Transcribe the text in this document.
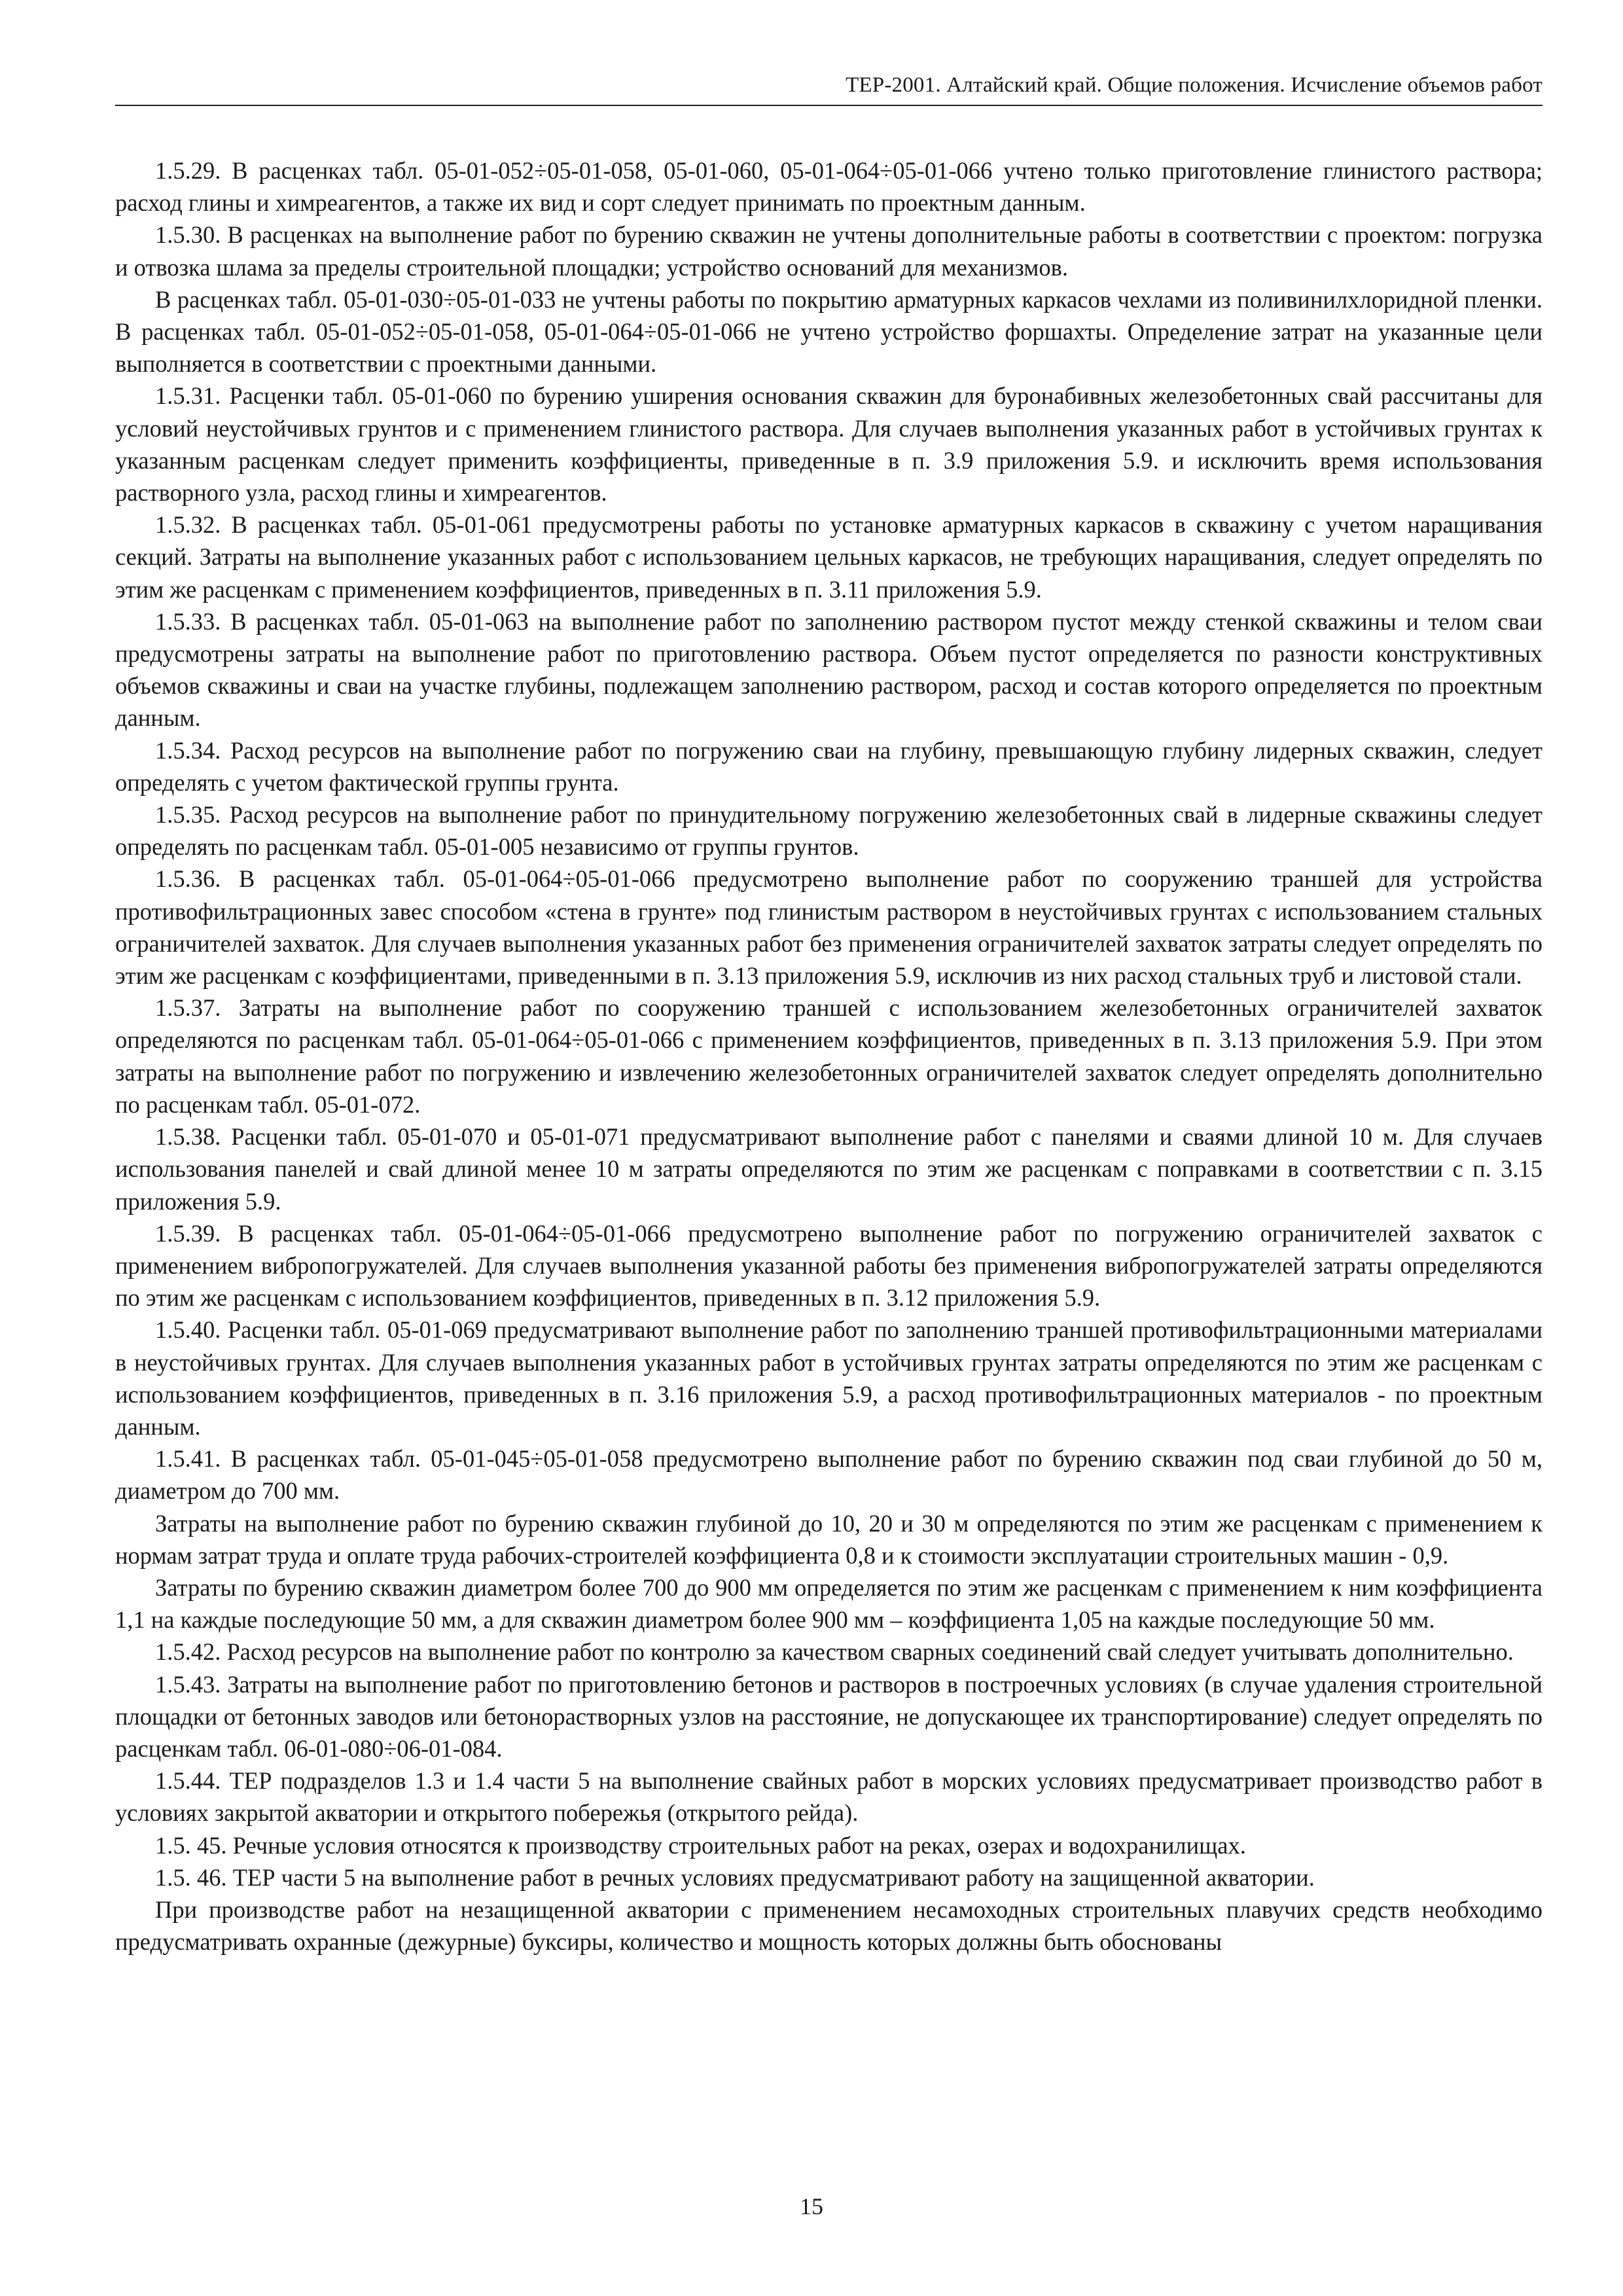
ТЕР-2001. Алтайский край. Общие положения. Исчисление объемов работ

1.5.29. В расценках табл. 05-01-052÷05-01-058, 05-01-060, 05-01-064÷05-01-066 учтено только приготовление глинистого раствора; расход глины и химреагентов, а также их вид и сорт следует принимать по проектным данным.

1.5.30. В расценках на выполнение работ по бурению скважин не учтены дополнительные работы в соответствии с проектом: погрузка и отвозка шлама за пределы строительной площадки; устройство оснований для механизмов.

В расценках табл. 05-01-030÷05-01-033 не учтены работы по покрытию арматурных каркасов чехлами из поливинилхлоридной пленки. В расценках табл. 05-01-052÷05-01-058, 05-01-064÷05-01-066 не учтено устройство форшахты. Определение затрат на указанные цели выполняется в соответствии с проектными данными.

1.5.31. Расценки табл. 05-01-060 по бурению уширения основания скважин для буронабивных железобетонных свай рассчитаны для условий неустойчивых грунтов и с применением глинистого раствора. Для случаев выполнения указанных работ в устойчивых грунтах к указанным расценкам следует применить коэффициенты, приведенные в п. 3.9 приложения 5.9. и исключить время использования растворного узла, расход глины и химреагентов.

1.5.32. В расценках табл. 05-01-061 предусмотрены работы по установке арматурных каркасов в скважину с учетом наращивания секций. Затраты на выполнение указанных работ с использованием цельных каркасов, не требующих наращивания, следует определять по этим же расценкам с применением коэффициентов, приведенных в п. 3.11 приложения 5.9.

1.5.33. В расценках табл. 05-01-063 на выполнение работ по заполнению раствором пустот между стенкой скважины и телом сваи предусмотрены затраты на выполнение работ по приготовлению раствора. Объем пустот определяется по разности конструктивных объемов скважины и сваи на участке глубины, подлежащем заполнению раствором, расход и состав которого определяется по проектным данным.

1.5.34. Расход ресурсов на выполнение работ по погружению сваи на глубину, превышающую глубину лидерных скважин, следует определять с учетом фактической группы грунта.

1.5.35. Расход ресурсов на выполнение работ по принудительному погружению железобетонных свай в лидерные скважины следует определять по расценкам табл. 05-01-005 независимо от группы грунтов.

1.5.36. В расценках табл. 05-01-064÷05-01-066 предусмотрено выполнение работ по сооружению траншей для устройства противофильтрационных завес способом «стена в грунте» под глинистым раствором в неустойчивых грунтах с использованием стальных ограничителей захваток. Для случаев выполнения указанных работ без применения ограничителей захваток затраты следует определять по этим же расценкам с коэффициентами, приведенными в п. 3.13 приложения 5.9, исключив из них расход стальных труб и листовой стали.

1.5.37. Затраты на выполнение работ по сооружению траншей с использованием железобетонных ограничителей захваток определяются по расценкам табл. 05-01-064÷05-01-066 с применением коэффициентов, приведенных в п. 3.13 приложения 5.9. При этом затраты на выполнение работ по погружению и извлечению железобетонных ограничителей захваток следует определять дополнительно по расценкам табл. 05-01-072.

1.5.38. Расценки табл. 05-01-070 и 05-01-071 предусматривают выполнение работ с панелями и сваями длиной 10 м. Для случаев использования панелей и свай длиной менее 10 м затраты определяются по этим же расценкам с поправками в соответствии с п. 3.15 приложения 5.9.

1.5.39. В расценках табл. 05-01-064÷05-01-066 предусмотрено выполнение работ по погружению ограничителей захваток с применением вибропогружателей. Для случаев выполнения указанной работы без применения вибропогружателей затраты определяются по этим же расценкам с использованием коэффициентов, приведенных в п. 3.12 приложения 5.9.

1.5.40. Расценки табл. 05-01-069 предусматривают выполнение работ по заполнению траншей противофильтрационными материалами в неустойчивых грунтах. Для случаев выполнения указанных работ в устойчивых грунтах затраты определяются по этим же расценкам с использованием коэффициентов, приведенных в п. 3.16 приложения 5.9, а расход противофильтрационных материалов - по проектным данным.

1.5.41. В расценках табл. 05-01-045÷05-01-058 предусмотрено выполнение работ по бурению скважин под сваи глубиной до 50 м, диаметром до 700 мм.

Затраты на выполнение работ по бурению скважин глубиной до 10, 20 и 30 м определяются по этим же расценкам с применением к нормам затрат труда и оплате труда рабочих-строителей коэффициента 0,8 и к стоимости эксплуатации строительных машин - 0,9.

Затраты по бурению скважин диаметром более 700 до 900 мм определяется по этим же расценкам с применением к ним коэффициента 1,1 на каждые последующие 50 мм, а для скважин диаметром более 900 мм – коэффициента 1,05 на каждые последующие 50 мм.

1.5.42. Расход ресурсов на выполнение работ по контролю за качеством сварных соединений свай следует учитывать дополнительно.

1.5.43. Затраты на выполнение работ по приготовлению бетонов и растворов в построечных условиях (в случае удаления строительной площадки от бетонных заводов или бетонорастворных узлов на расстояние, не допускающее их транспортирование) следует определять по расценкам табл. 06-01-080÷06-01-084.

1.5.44. ТЕР подразделов 1.3 и 1.4 части 5 на выполнение свайных работ в морских условиях предусматривает производство работ в условиях закрытой акватории и открытого побережья (открытого рейда).

1.5. 45. Речные условия относятся к производству строительных работ на реках, озерах и водохранилищах.

1.5. 46. ТЕР части 5 на выполнение работ в речных условиях предусматривают работу на защищенной акватории.

При производстве работ на незащищенной акватории с применением несамоходных строительных плавучих средств необходимо предусматривать охранные (дежурные) буксиры, количество и мощность которых должны быть обоснованы

15
